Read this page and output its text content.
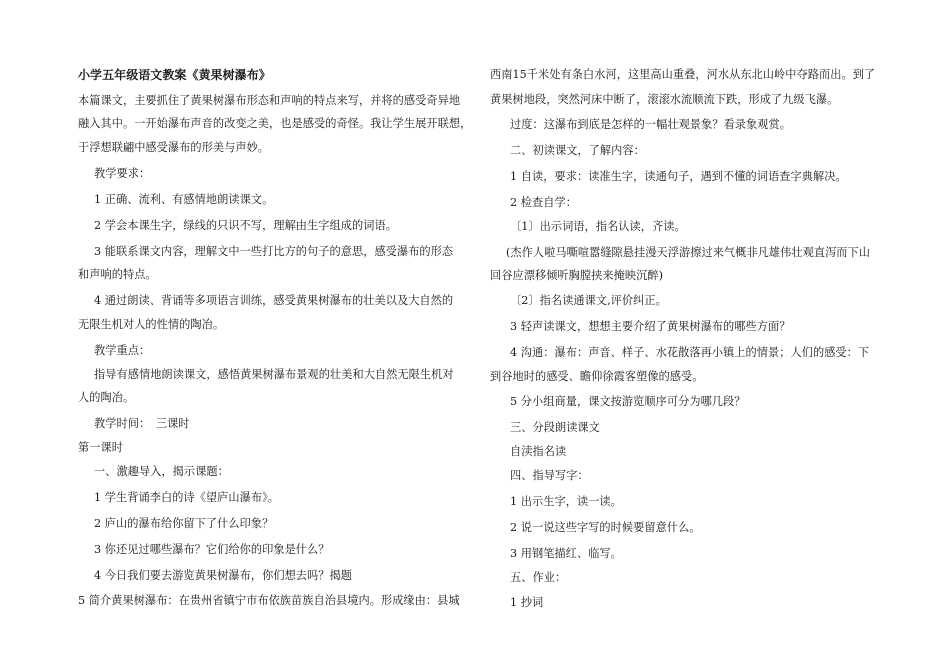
小学五年级语文教案《黄果树瀑布》
本篇课文，主要抓住了黄果树瀑布形态和声响的特点来写，并将的感受奇异地
融入其中。一开始瀑布声音的改变之美，也是感受的奇怪。我让学生展开联想，
于浮想联翩中感受瀑布的形美与声妙。
教学要求：
1 正确、流利、有感情地朗读课文。
2 学会本课生字，绿线的只识不写，理解由生字组成的词语。
3 能联系课文内容，理解文中一些打比方的句子的意思，感受瀑布的形态
和声响的特点。
4 通过朗读、背诵等多项语言训练，感受黄果树瀑布的壮美以及大自然的
无限生机对人的性情的陶冶。
教学重点：
指导有感情地朗读课文，感悟黄果树瀑布景观的壮美和大自然无限生机对
人的陶冶。
教学时间：　三课时
第一课时
一、激趣导入，揭示课题：
1 学生背诵李白的诗《望庐山瀑布》。
2 庐山的瀑布给你留下了什么印象？
3 你还见过哪些瀑布？它们给你的印象是什么？
4 今日我们要去游览黄果树瀑布，你们想去吗？揭题
5 简介黄果树瀑布：在贵州省镇宁市布依族苗族自治县境内。形成缘由：县城
西南15千米处有条白水河，这里高山重叠，河水从东北山岭中夺路而出。到了
黄果树地段，突然河床中断了，滚滚水流顺流下跌，形成了九级飞瀑。
过度：这瀑布到底是怎样的一幅壮观景象？看录象观赏。
二、初读课文，了解内容：
1 自读，要求：读准生字，读通句子，遇到不懂的词语查字典解决。
2 检查自学：
〔1〕出示词语，指名认读，齐读。
(杰作人啦马嘶喧嚣缝隙悬挂漫天浮游擦过来气概非凡雄伟壮观直泻而下山
回谷应漂移倾听胸膛挟来掩映沉醉)
〔2〕指名读通课文,评价纠正。
3 轻声读课文，想想主要介绍了黄果树瀑布的哪些方面？
4 沟通：瀑布：声音、样子、水花散落再小镇上的情景；人们的感受：下
到谷地时的感受、瞻仰徐霞客塑像的感受。
5 分小组商量，课文按游览顺序可分为哪几段？
三、分段朗读课文
自渎指名读
四、指导写字：
1 出示生字，读一读。
2 说一说这些字写的时候要留意什么。
3 用钢笔描红、临写。
五、作业：
1 抄词
